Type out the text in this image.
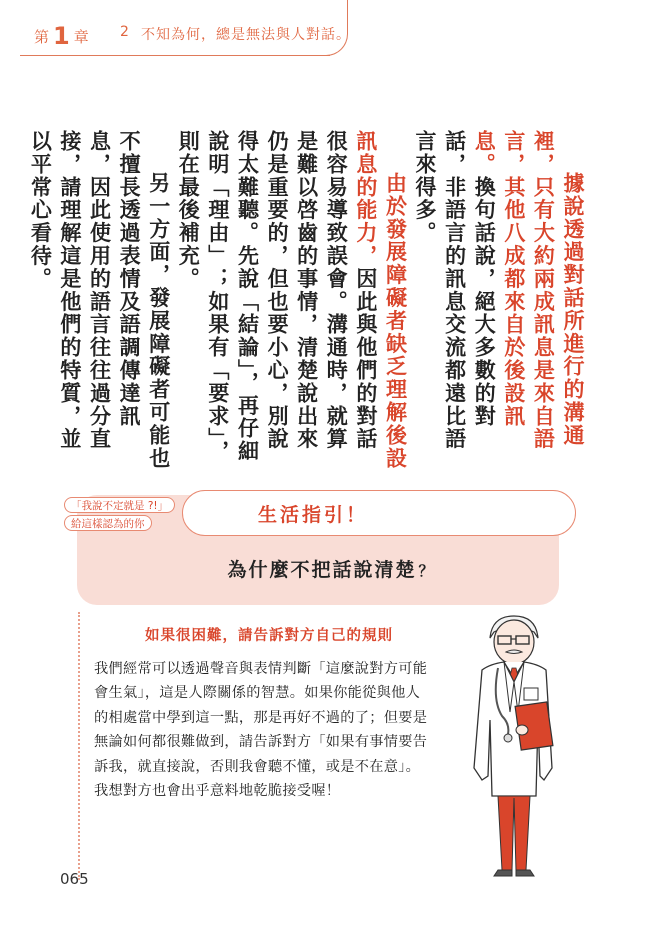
第 1 章 2 不知為何，總是無法與人對話。

據說透過對話所進行的溝通裡，只有大約兩成訊息是來自語言，其他八成都來自於後設訊息。換句話說，絕大多數的對話，非語言的訊息交流都遠比語言來得多。

由於發展障礙者缺乏理解後設訊息的能力，因此與他們的對話很容易導致誤會。溝通時，就算是難以啓齒的事情，清楚說出來仍是重要的，但也要小心，別說得太難聽。先說「結論」，再仔細說明「理由」；如果有「要求」，則在最後補充。

另一方面，發展障礙者可能也不擅長透過表情及語調傳達訊息，因此使用的語言往往過分直接，請理解這是他們的特質，並以平常心看待。

「我說不定就是 ?!」
給這樣認為的你	生活指引！
為什麼不把話說清楚 ？
如果很困難，請告訴對方自己的規則
我們經常可以透過聲音與表情判斷「這麼說對方可能
會生氣」，這是人際關係的智慧。如果你能從與他人
的相處當中學到這一點，那是再好不過的了；但要是
無論如何都很難做到，請告訴對方「如果有事情要告
訴我，就直接說，否則我會聽不懂，或是不在意」。
我想對方也會出乎意料地乾脆接受喔！
065
